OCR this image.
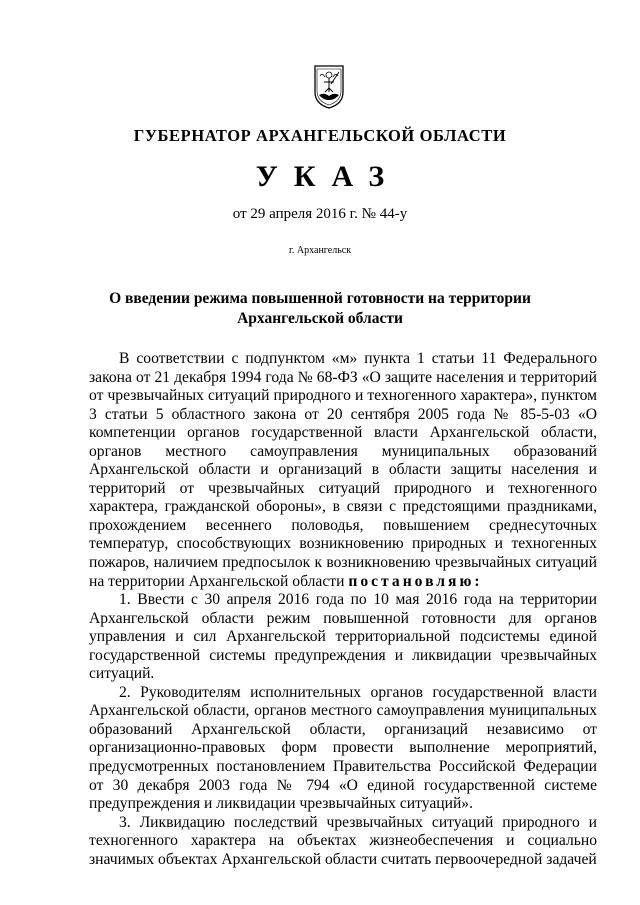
ГУБЕРНАТОР АРХАНГЕЛЬСКОЙ ОБЛАСТИ
УКАЗ
от 29 апреля 2016 г. № 44-у
г. Архангельск
О введении режима повышенной готовности на территории
Архангельской области

В соответствии с подпунктом «м» пункта 1 статьи 11 Федерального закона от 21 декабря 1994 года № 68-ФЗ «О защите населения и территорий от чрезвычайных ситуаций природного и техногенного характера», пунктом 3 статьи 5 областного закона от 20 сентября 2005 года № 85-5-03 «О компетенции органов государственной власти Архангельской области, органов местного самоуправления муниципальных образований Архангельской области и организаций в области защиты населения и территорий от чрезвычайных ситуаций природного и техногенного характера, гражданской обороны», в связи с предстоящими праздниками, прохождением весеннего половодья, повышением среднесуточных температур, способствующих возникновению природных и техногенных пожаров, наличием предпосылок к возникновению чрезвычайных ситуаций на территории Архангельской области постановляю:

1. Ввести с 30 апреля 2016 года по 10 мая 2016 года на территории Архангельской области режим повышенной готовности для органов управления и сил Архангельской территориальной подсистемы единой государственной системы предупреждения и ликвидации чрезвычайных ситуаций.

2. Руководителям исполнительных органов государственной власти Архангельской области, органов местного самоуправления муниципальных образований Архангельской области, организаций независимо от организационно-правовых форм провести выполнение мероприятий, предусмотренных постановлением Правительства Российской Федерации от 30 декабря 2003 года № 794 «О единой государственной системе предупреждения и ликвидации чрезвычайных ситуаций».

3. Ликвидацию последствий чрезвычайных ситуаций природного и техногенного характера на объектах жизнеобеспечения и социально значимых объектах Архангельской области считать первоочередной задачей
